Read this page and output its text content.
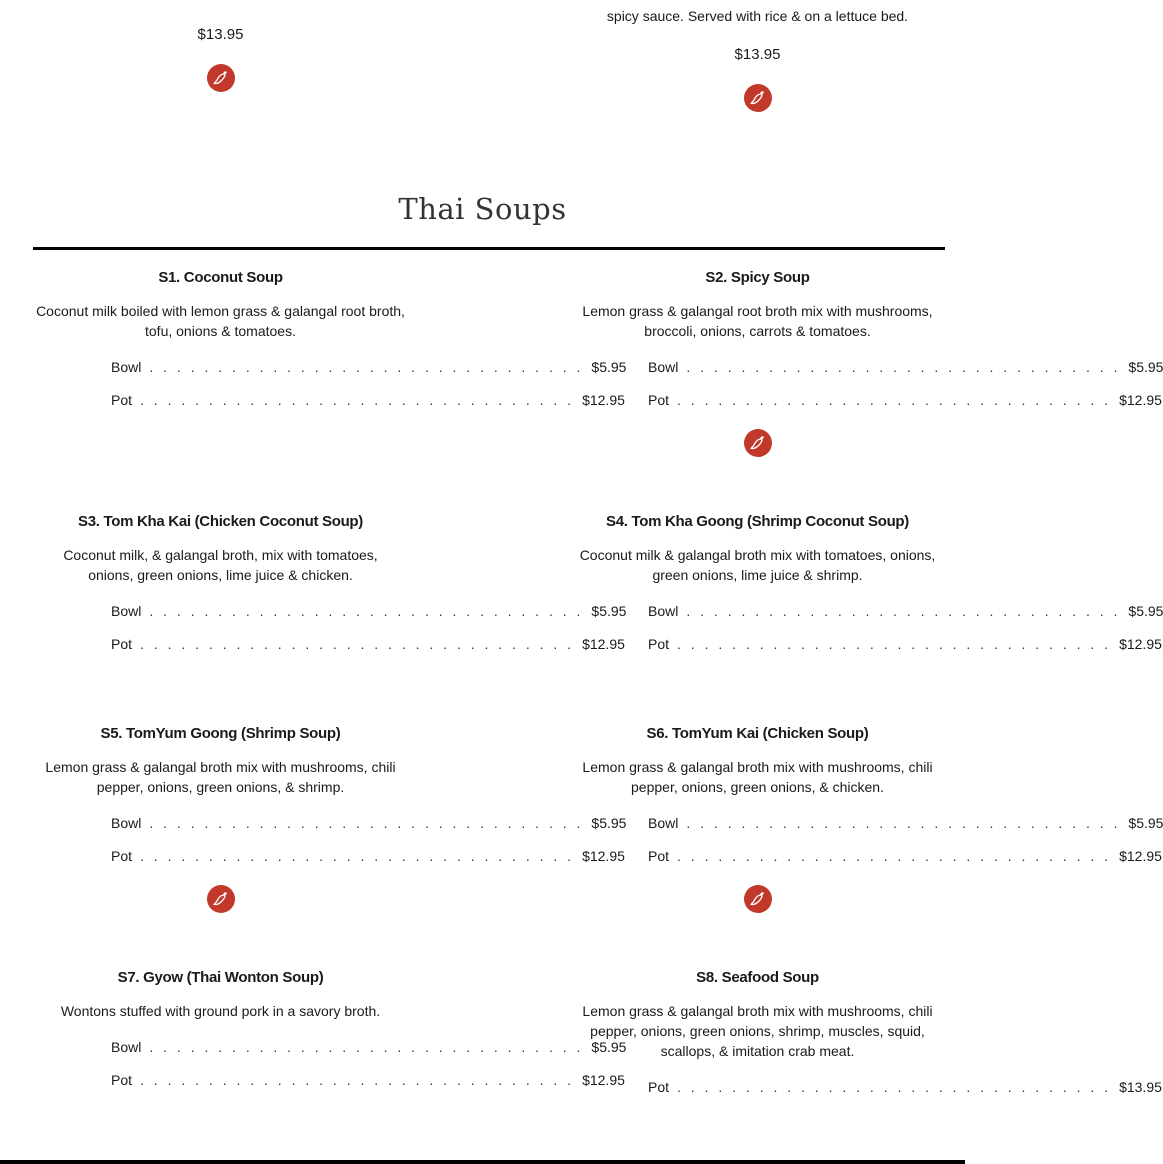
spicy sauce. Served with rice & on a lettuce bed.
$13.95
$13.95
Thai Soups
S1. Coconut Soup
Coconut milk boiled with lemon grass & galangal root broth, tofu, onions & tomatoes.
Bowl . . . . . . . . . . . . . . . . . . . . . . . . . . . . . . . . $5.95
Pot . . . . . . . . . . . . . . . . . . . . . . . . . . . . . . . . $12.95
S2. Spicy Soup
Lemon grass & galangal root broth mix with mushrooms, broccoli, onions, carrots & tomatoes.
Bowl . . . . . . . . . . . . . . . . . . . . . . . . . . . . . . . . $5.95
Pot . . . . . . . . . . . . . . . . . . . . . . . . . . . . . . . . $12.95
S3. Tom Kha Kai (Chicken Coconut Soup)
Coconut milk, & galangal broth, mix with tomatoes, onions, green onions, lime juice & chicken.
Bowl . . . . . . . . . . . . . . . . . . . . . . . . . . . . . . . . $5.95
Pot . . . . . . . . . . . . . . . . . . . . . . . . . . . . . . . . $12.95
S4. Tom Kha Goong (Shrimp Coconut Soup)
Coconut milk & galangal broth mix with tomatoes, onions, green onions, lime juice & shrimp.
Bowl . . . . . . . . . . . . . . . . . . . . . . . . . . . . . . . . $5.95
Pot . . . . . . . . . . . . . . . . . . . . . . . . . . . . . . . . $12.95
S5. TomYum Goong (Shrimp Soup)
Lemon grass & galangal broth mix with mushrooms, chili pepper, onions, green onions, & shrimp.
Bowl . . . . . . . . . . . . . . . . . . . . . . . . . . . . . . . . $5.95
Pot . . . . . . . . . . . . . . . . . . . . . . . . . . . . . . . . $12.95
S6. TomYum Kai (Chicken Soup)
Lemon grass & galangal broth mix with mushrooms, chili pepper, onions, green onions, & chicken.
Bowl . . . . . . . . . . . . . . . . . . . . . . . . . . . . . . . . $5.95
Pot . . . . . . . . . . . . . . . . . . . . . . . . . . . . . . . . $12.95
S7. Gyow (Thai Wonton Soup)
Wontons stuffed with ground pork in a savory broth.
Bowl . . . . . . . . . . . . . . . . . . . . . . . . . . . . . . . . $5.95
Pot . . . . . . . . . . . . . . . . . . . . . . . . . . . . . . . . $12.95
S8. Seafood Soup
Lemon grass & galangal broth mix with mushrooms, chili pepper, onions, green onions, shrimp, muscles, squid, scallops, & imitation crab meat.
Pot . . . . . . . . . . . . . . . . . . . . . . . . . . . . . . . . $13.95
